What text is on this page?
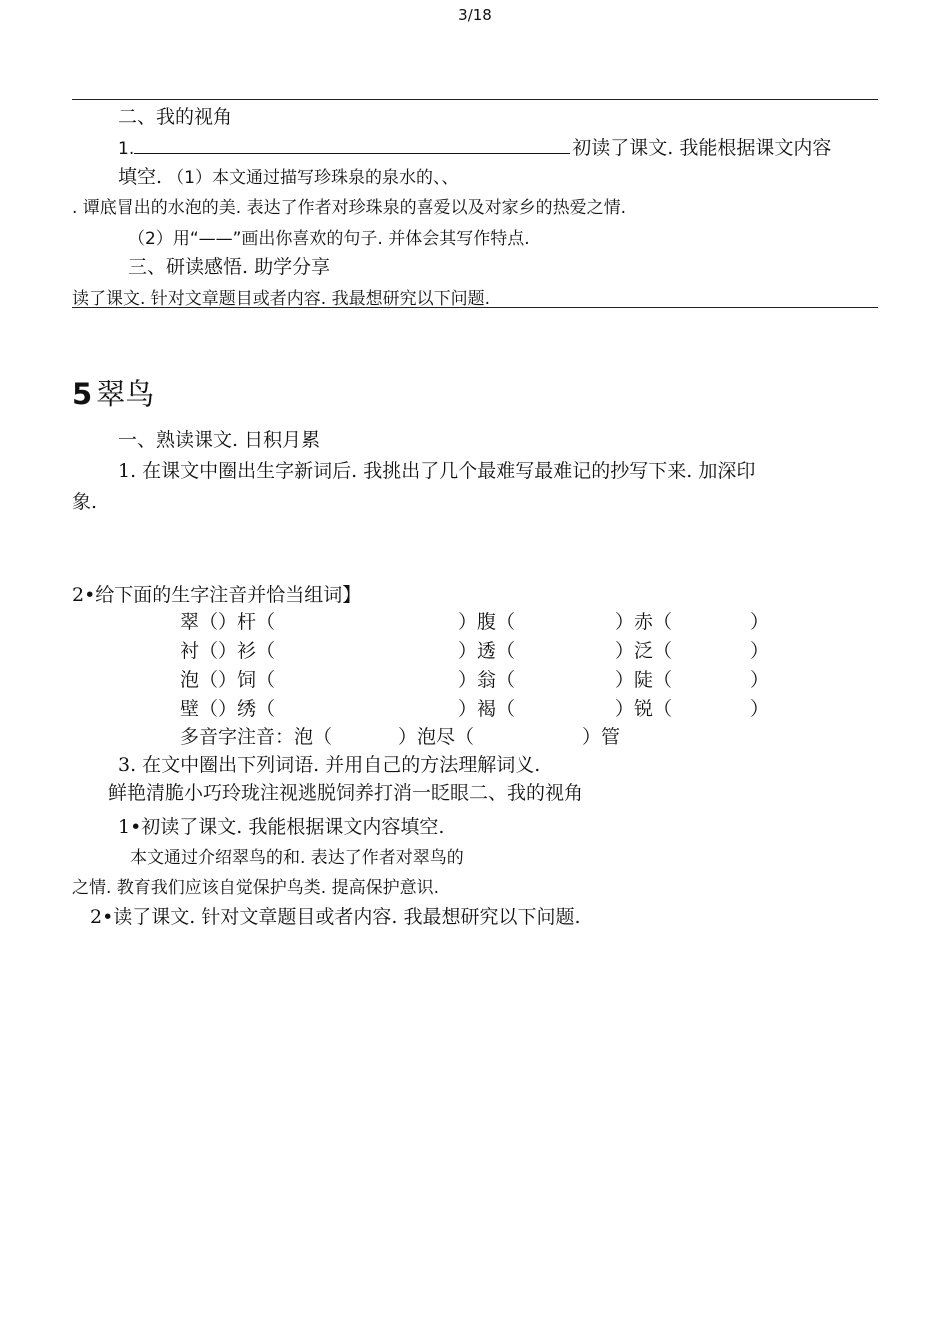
3/18
二、我的视角
1.	初读了课文. 我能根据课文内容
填空. （1）本文通过描写珍珠泉的泉水的、、
. 谭底冒出的水泡的美. 表达了作者对珍珠泉的喜爱以及对家乡的热爱之情.
（2）用“——”画出你喜欢的句子. 并体会其写作特点.
三、研读感悟. 助学分享
读了课文. 针对文章题目或者内容. 我最想研究以下问题.
5 翠鸟
一、熟读课文. 日积月累
1. 在课文中圈出生字新词后. 我挑出了几个最难写最难记的抄写下来. 加深印
象.
2•给下面的生字注音并恰当组词】
翠（）杆（	）腹（	）赤（	）
衬（）衫（	）透（	）泛（	）
泡（）饲（	）翁（	）陡（	）
壁（）绣（	）褐（	）锐（	）
多音字注音：泡（	）泡尽（	）管
3. 在文中圈出下列词语. 并用自己的方法理解词义.
鲜艳清脆小巧玲珑注视逃脱饲养打消一眨眼二、我的视角
1•初读了课文. 我能根据课文内容填空.
本文通过介绍翠鸟的和. 表达了作者对翠鸟的
之情. 教育我们应该自觉保护鸟类. 提高保护意识.
2•读了课文. 针对文章题目或者内容. 我最想研究以下问题.
